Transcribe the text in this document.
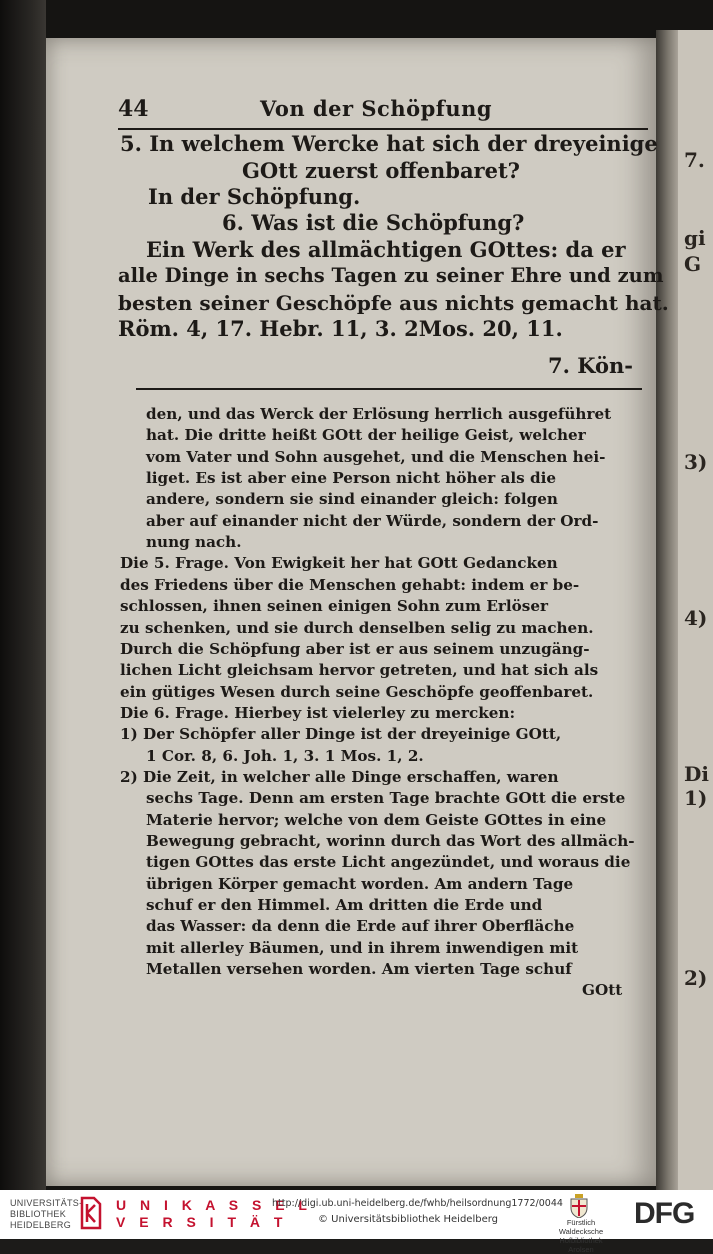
7.
gi
G
3)
4)
Di
1)
2)
44	Von der Schöpfung
5. In welchem Wercke hat sich der dreyeinige
GOtt zuerst offenbaret?
In der Schöpfung.
6. Was ist die Schöpfung?
Ein Werk des allmächtigen GOttes: da er
alle Dinge in sechs Tagen zu seiner Ehre und zum
besten seiner Geschöpfe aus nichts gemacht hat.
Röm. 4, 17. Hebr. 11, 3. 2Mos. 20, 11.
7. Kön-
den, und das Werck der Erlösung herrlich ausgeführet
hat. Die dritte heißt GOtt der heilige Geist, welcher
vom Vater und Sohn ausgehet, und die Menschen hei-
liget. Es ist aber eine Person nicht höher als die
andere, sondern sie sind einander gleich: folgen
aber auf einander nicht der Würde, sondern der Ord-
nung nach.
Die 5. Frage. Von Ewigkeit her hat GOtt Gedancken
des Friedens über die Menschen gehabt: indem er be-
schlossen, ihnen seinen einigen Sohn zum Erlöser
zu schenken, und sie durch denselben selig zu machen.
Durch die Schöpfung aber ist er aus seinem unzugäng-
lichen Licht gleichsam hervor getreten, und hat sich als
ein gütiges Wesen durch seine Geschöpfe geoffenbaret.
Die 6. Frage. Hierbey ist vielerley zu mercken:
1) Der Schöpfer aller Dinge ist der dreyeinige GOtt,
1 Cor. 8, 6. Joh. 1, 3. 1 Mos. 1, 2.
2) Die Zeit, in welcher alle Dinge erschaffen, waren
sechs Tage. Denn am ersten Tage brachte GOtt die erste
Materie hervor; welche von dem Geiste GOttes in eine
Bewegung gebracht, worinn durch das Wort des allmäch-
tigen GOttes das erste Licht angezündet, und woraus die
übrigen Körper gemacht worden. Am andern Tage
schuf er den Himmel. Am dritten die Erde und
das Wasser: da denn die Erde auf ihrer Oberfläche
mit allerley Bäumen, und in ihrem inwendigen mit
Metallen versehen worden. Am vierten Tage schuf
GOtt
UNIVERSITÄTS-
BIBLIOTHEK
HEIDELBERG
U N I K A S S E L
V E R S I T Ä T
http://digi.ub.uni-heidelberg.de/fwhb/heilsordnung1772/0044
© Universitätsbibliothek Heidelberg	Fürstlich Waldecksche
Hofbibliothek Arolsen
DFG
